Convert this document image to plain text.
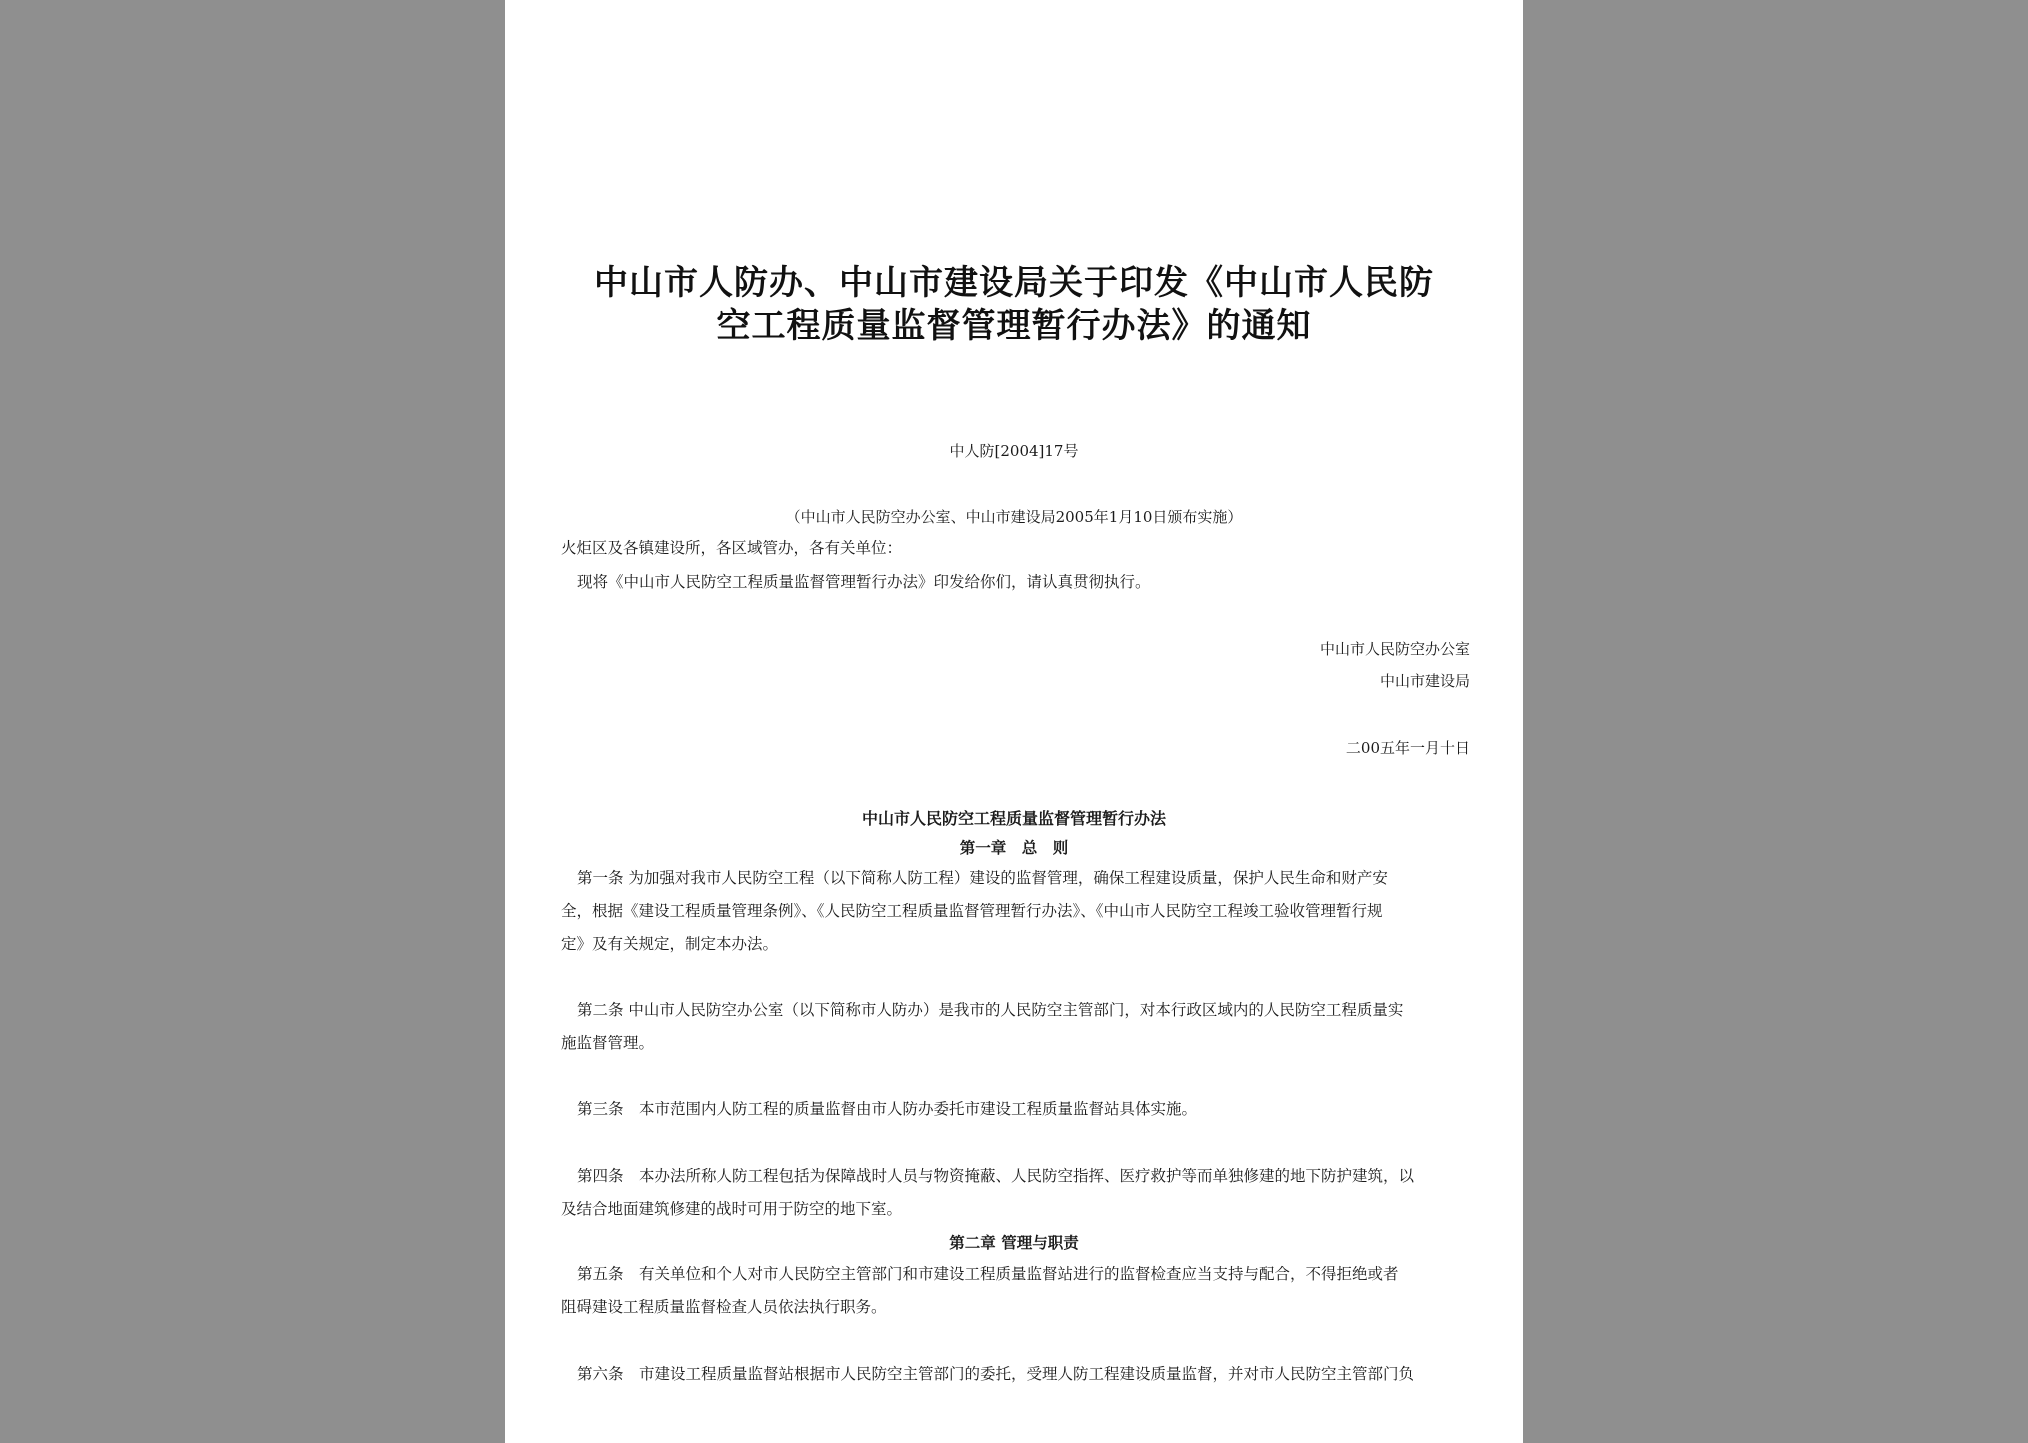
中山市人防办、中山市建设局关于印发《中山市人民防
空工程质量监督管理暂行办法》的通知
中人防[2004]17号
（中山市人民防空办公室、中山市建设局2005年1月10日颁布实施）
火炬区及各镇建设所，各区域管办，各有关单位：
现将《中山市人民防空工程质量监督管理暂行办法》印发给你们，请认真贯彻执行。
中山市人民防空办公室
中山市建设局
二00五年一月十日
中山市人民防空工程质量监督管理暂行办法
第一章　总　则
第一条 为加强对我市人民防空工程（以下简称人防工程）建设的监督管理，确保工程建设质量，保护人民生命和财产安
全，根据《建设工程质量管理条例》、《人民防空工程质量监督管理暂行办法》、《中山市人民防空工程竣工验收管理暂行规
定》及有关规定，制定本办法。
第二条 中山市人民防空办公室（以下简称市人防办）是我市的人民防空主管部门，对本行政区域内的人民防空工程质量实
施监督管理。
第三条　本市范围内人防工程的质量监督由市人防办委托市建设工程质量监督站具体实施。
第四条　本办法所称人防工程包括为保障战时人员与物资掩蔽、人民防空指挥、医疗救护等而单独修建的地下防护建筑，以
及结合地面建筑修建的战时可用于防空的地下室。
第二章 管理与职责
第五条　有关单位和个人对市人民防空主管部门和市建设工程质量监督站进行的监督检查应当支持与配合，不得拒绝或者
阻碍建设工程质量监督检查人员依法执行职务。
第六条　市建设工程质量监督站根据市人民防空主管部门的委托，受理人防工程建设质量监督，并对市人民防空主管部门负
